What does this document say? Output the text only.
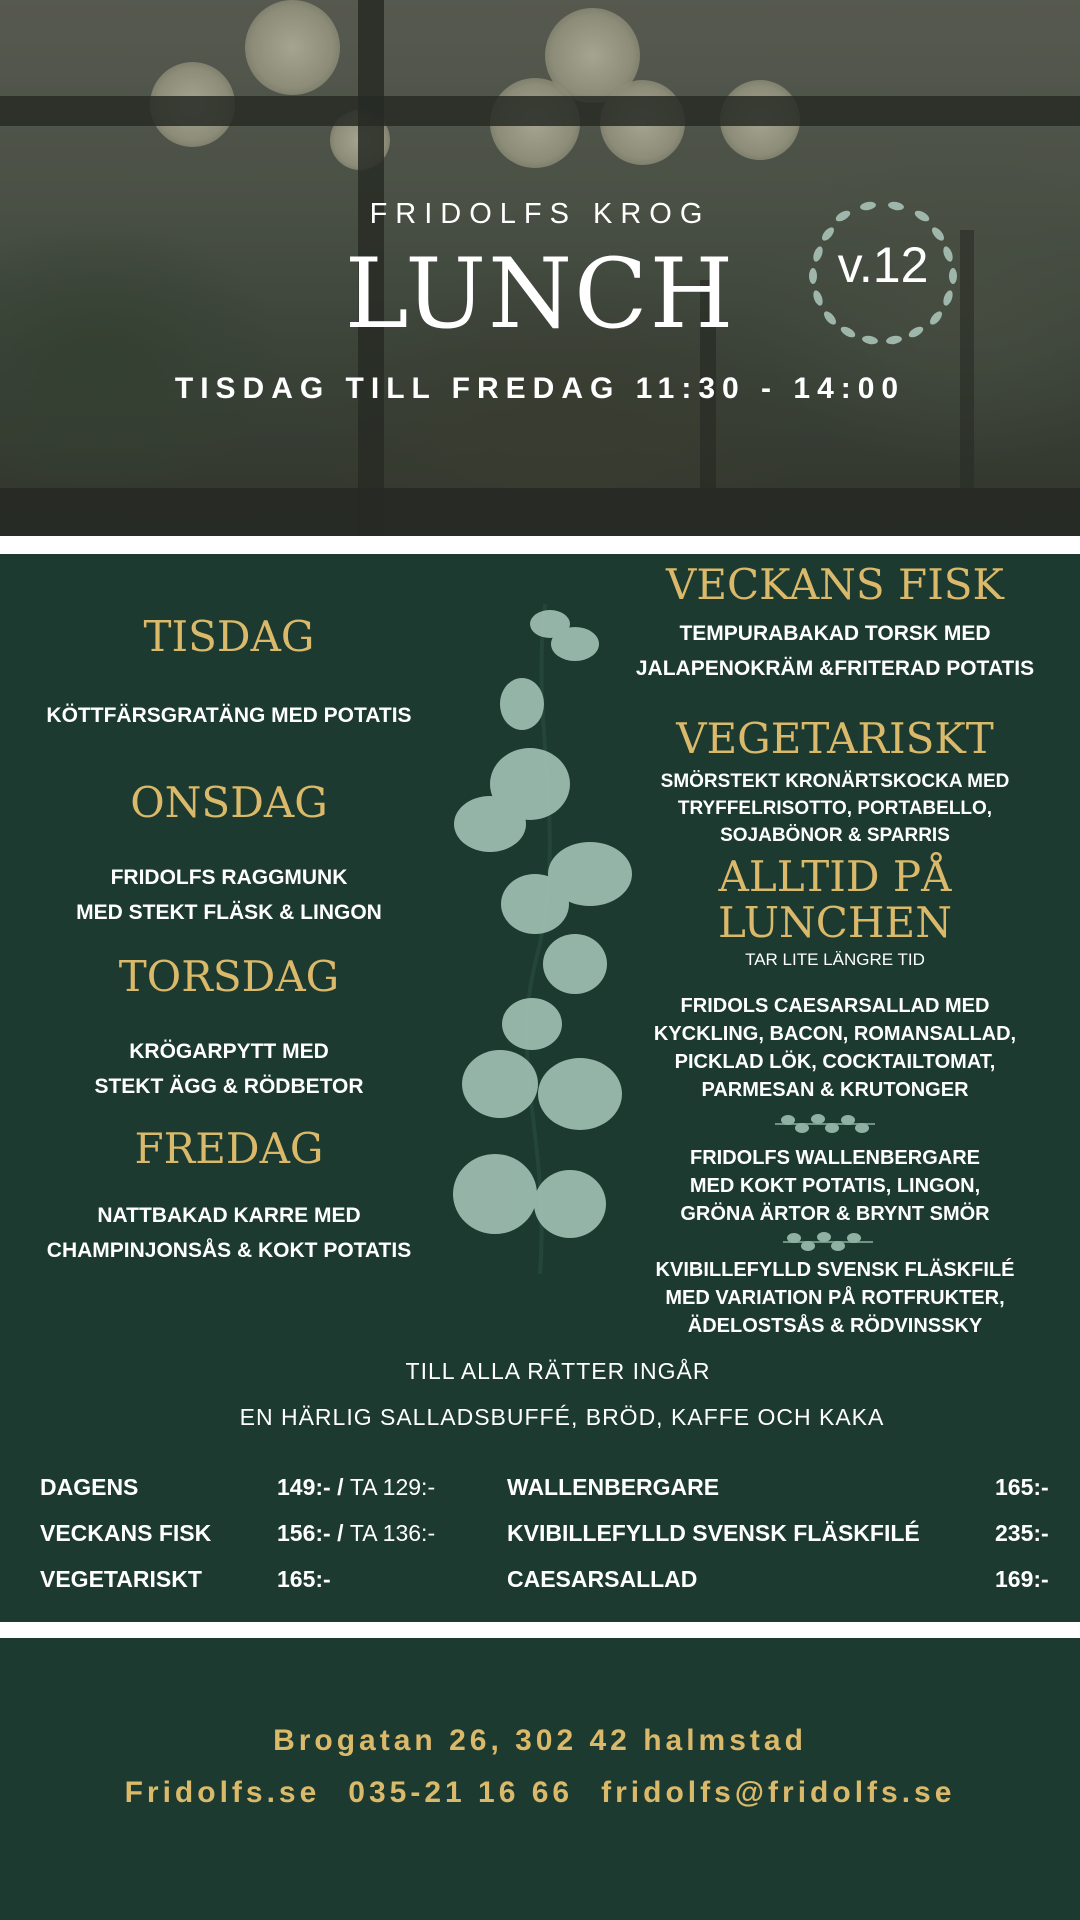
FRIDOLFS KROG
LUNCH
TISDAG TILL FREDAG 11:30 - 14:00
v.12
TISDAG
KÖTTFÄRSGRATÄNG MED POTATIS
ONSDAG
FRIDOLFS RAGGMUNK
MED STEKT FLÄSK & LINGON
TORSDAG
KRÖGARPYTT MED
STEKT ÄGG & RÖDBETOR
FREDAG
NATTBAKAD KARRE MED
CHAMPINJONSÅS & KOKT POTATIS
VECKANS FISK
TEMPURABAKAD TORSK MED
JALAPENOKRÄM &FRITERAD POTATIS
VEGETARISKT
SMÖRSTEKT KRONÄRTSKOCKA MED
TRYFFELRISOTTO, PORTABELLO,
SOJABÖNOR & SPARRIS
ALLTID PÅ
LUNCHEN
TAR LITE LÄNGRE TID
FRIDOLS CAESARSALLAD MED
KYCKLING, BACON, ROMANSALLAD,
PICKLAD LÖK, COCKTAILTOMAT,
PARMESAN & KRUTONGER
FRIDOLFS WALLENBERGARE
MED KOKT POTATIS, LINGON,
GRÖNA ÄRTOR & BRYNT SMÖR
KVIBILLEFYLLD SVENSK FLÄSKFILÉ
MED VARIATION PÅ ROTFRUKTER,
ÄDELOSTSÅS & RÖDVINSSKY
TILL ALLA RÄTTER INGÅR
EN HÄRLIG SALLADSBUFFÉ, BRÖD, KAFFE OCH KAKA
DAGENS	149:- / TA 129:-
VECKANS FISK	156:- / TA 136:-
VEGETARISKT	165:-
WALLENBERGARE	165:-
KVIBILLEFYLLD SVENSK FLÄSKFILÉ	235:-
CAESARSALLAD	169:-
Brogatan 26, 302 42 halmstad
Fridolfs.se 035-21 16 66 fridolfs@fridolfs.se
